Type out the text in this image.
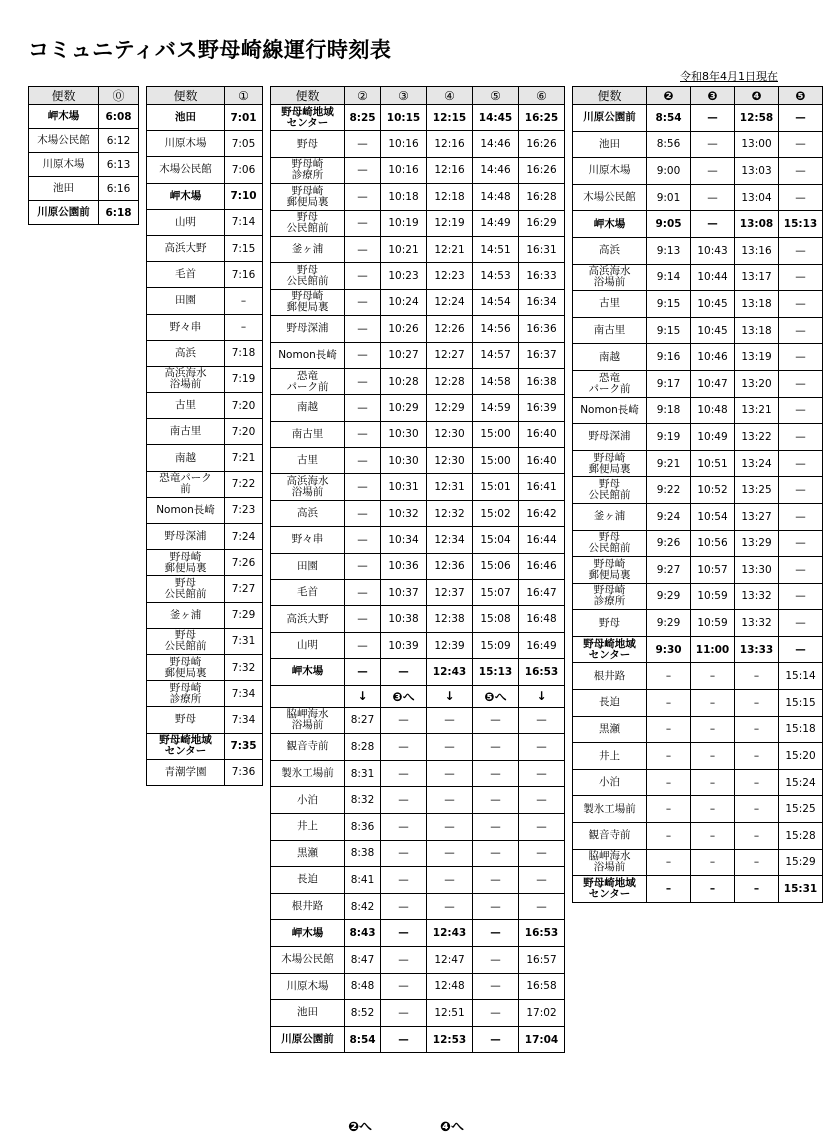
コミュニティバス野母崎線運行時刻表
令和8年4月1日現在
便数	⓪
岬木場	6:08
木場公民館	6:12
川原木場	6:13
池田	6:16
川原公園前	6:18
便数	①
池田	7:01
川原木場	7:05
木場公民館	7:06
岬木場	7:10
山明	7:14
高浜大野	7:15
毛首	7:16
田園	–
野々串	–
高浜	7:18
高浜海水
浴場前	7:19
古里	7:20
南古里	7:20
南越	7:21
恐竜パーク
前	7:22
Nomon長崎	7:23
野母深浦	7:24
野母崎
郵便局裏	7:26
野母
公民館前	7:27
釜ヶ浦	7:29
野母
公民館前	7:31
野母崎
郵便局裏	7:32
野母崎
診療所	7:34
野母	7:34
野母崎地域
センター	7:35
青潮学園	7:36
便数	②	③	④	⑤	⑥
野母崎地域
センター	8:25	10:15	12:15	14:45	16:25
野母	—	10:16	12:16	14:46	16:26
野母崎
診療所	—	10:16	12:16	14:46	16:26
野母崎
郵便局裏	—	10:18	12:18	14:48	16:28
野母
公民館前	—	10:19	12:19	14:49	16:29
釜ヶ浦	—	10:21	12:21	14:51	16:31
野母
公民館前	—	10:23	12:23	14:53	16:33
野母崎
郵便局裏	—	10:24	12:24	14:54	16:34
野母深浦	—	10:26	12:26	14:56	16:36
Nomon長崎	—	10:27	12:27	14:57	16:37
恐竜
パーク前	—	10:28	12:28	14:58	16:38
南越	—	10:29	12:29	14:59	16:39
南古里	—	10:30	12:30	15:00	16:40
古里	—	10:30	12:30	15:00	16:40
高浜海水
浴場前	—	10:31	12:31	15:01	16:41
高浜	—	10:32	12:32	15:02	16:42
野々串	—	10:34	12:34	15:04	16:44
田園	—	10:36	12:36	15:06	16:46
毛首	—	10:37	12:37	15:07	16:47
高浜大野	—	10:38	12:38	15:08	16:48
山明	—	10:39	12:39	15:09	16:49
岬木場	—	—	12:43	15:13	16:53
	↓	❸へ	↓	❺へ	↓
脇岬海水
浴場前	8:27	—	—	—	—
観音寺前	8:28	—	—	—	—
製氷工場前	8:31	—	—	—	—
小泊	8:32	—	—	—	—
井上	8:36	—	—	—	—
黒瀬	8:38	—	—	—	—
長迫	8:41	—	—	—	—
根井路	8:42	—	—	—	—
岬木場	8:43	—	12:43	—	16:53
木場公民館	8:47	—	12:47	—	16:57
川原木場	8:48	—	12:48	—	16:58
池田	8:52	—	12:51	—	17:02
川原公園前	8:54	—	12:53	—	17:04
❷へ	❹へ
便数	❷	❸	❹	❺
川原公園前	8:54	—	12:58	—
池田	8:56	—	13:00	—
川原木場	9:00	—	13:03	—
木場公民館	9:01	—	13:04	—
岬木場	9:05	—	13:08	15:13
高浜	9:13	10:43	13:16	—
高浜海水
浴場前	9:14	10:44	13:17	—
古里	9:15	10:45	13:18	—
南古里	9:15	10:45	13:18	—
南越	9:16	10:46	13:19	—
恐竜
パーク前	9:17	10:47	13:20	—
Nomon長崎	9:18	10:48	13:21	—
野母深浦	9:19	10:49	13:22	—
野母崎
郵便局裏	9:21	10:51	13:24	—
野母
公民館前	9:22	10:52	13:25	—
釜ヶ浦	9:24	10:54	13:27	—
野母
公民館前	9:26	10:56	13:29	—
野母崎
郵便局裏	9:27	10:57	13:30	—
野母崎
診療所	9:29	10:59	13:32	—
野母	9:29	10:59	13:32	—
野母崎地域
センター	9:30	11:00	13:33	—
根井路	–	–	–	15:14
長迫	–	–	–	15:15
黒瀬	–	–	–	15:18
井上	–	–	–	15:20
小泊	–	–	–	15:24
製氷工場前	–	–	–	15:25
観音寺前	–	–	–	15:28
脇岬海水
浴場前	–	–	–	15:29
野母崎地域
センター	–	–	–	15:31
